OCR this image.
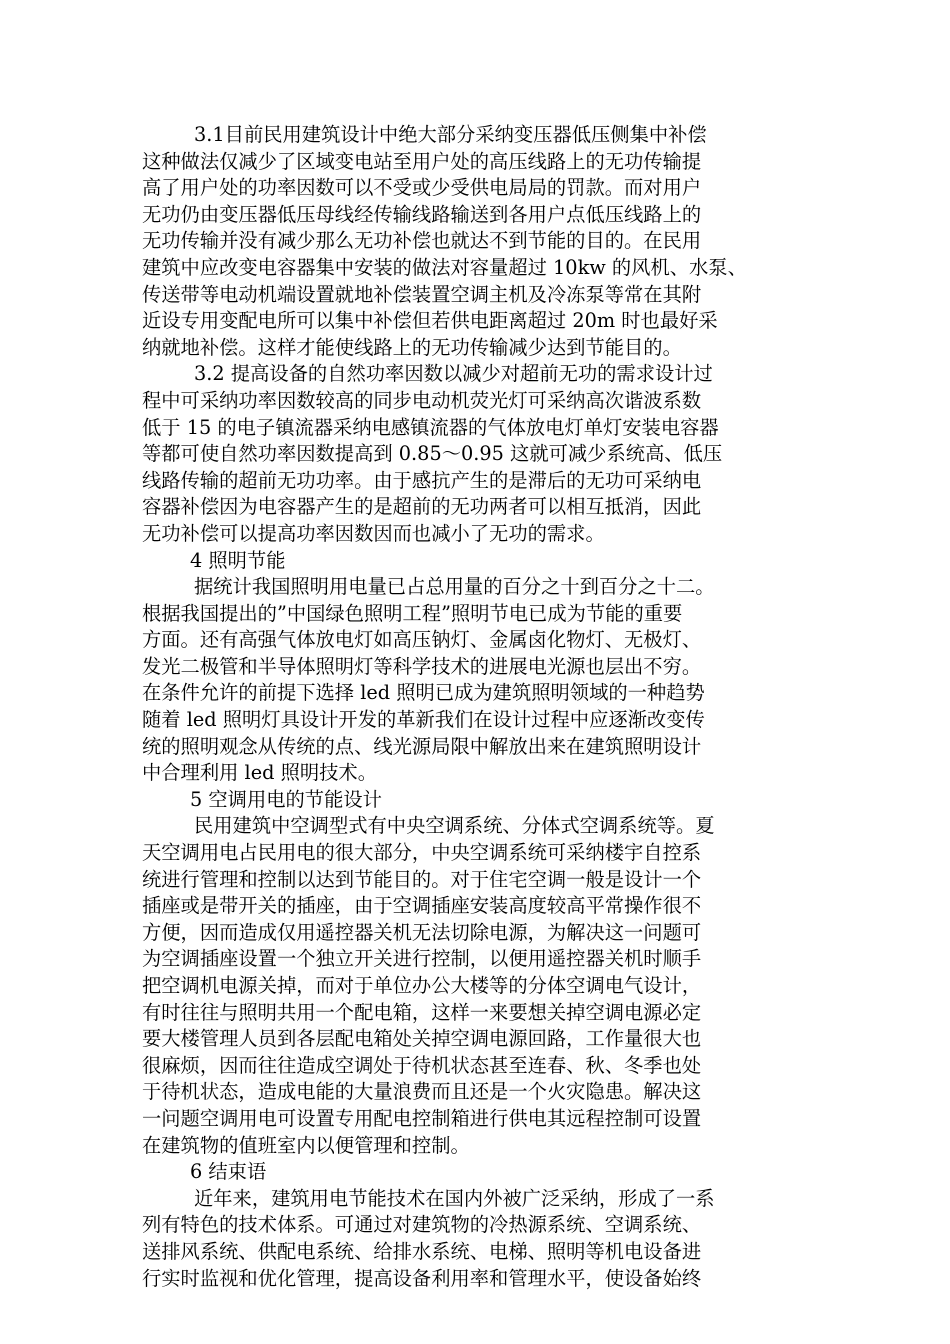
3.1目前民用建筑设计中绝大部分采纳变压器低压侧集中补偿
这种做法仅减少了区域变电站至用户处的高压线路上的无功传输提
高了用户处的功率因数可以不受或少受供电局局的罚款。而对用户
无功仍由变压器低压母线经传输线路输送到各用户点低压线路上的
无功传输并没有减少那么无功补偿也就达不到节能的目的。在民用
建筑中应改变电容器集中安装的做法对容量超过 10kw 的风机、水泵、
传送带等电动机端设置就地补偿装置空调主机及冷冻泵等常在其附
近设专用变配电所可以集中补偿但若供电距离超过 20m 时也最好采
纳就地补偿。这样才能使线路上的无功传输减少达到节能目的。
3.2 提高设备的自然功率因数以减少对超前无功的需求设计过
程中可采纳功率因数较高的同步电动机荧光灯可采纳高次谐波系数
低于 15 的电子镇流器采纳电感镇流器的气体放电灯单灯安装电容器
等都可使自然功率因数提高到 0.85～0.95 这就可减少系统高、低压
线路传输的超前无功功率。由于感抗产生的是滞后的无功可采纳电
容器补偿因为电容器产生的是超前的无功两者可以相互抵消，因此
无功补偿可以提高功率因数因而也减小了无功的需求。
4 照明节能
据统计我国照明用电量已占总用量的百分之十到百分之十二。
根据我国提出的”中国绿色照明工程”照明节电已成为节能的重要
方面。还有高强气体放电灯如高压钠灯、金属卤化物灯、无极灯、
发光二极管和半导体照明灯等科学技术的进展电光源也层出不穷。
在条件允许的前提下选择 led 照明已成为建筑照明领域的一种趋势
随着 led 照明灯具设计开发的革新我们在设计过程中应逐渐改变传
统的照明观念从传统的点、线光源局限中解放出来在建筑照明设计
中合理利用 led 照明技术。
5 空调用电的节能设计
民用建筑中空调型式有中央空调系统、分体式空调系统等。夏
天空调用电占民用电的很大部分，中央空调系统可采纳楼宇自控系
统进行管理和控制以达到节能目的。对于住宅空调一般是设计一个
插座或是带开关的插座，由于空调插座安装高度较高平常操作很不
方便，因而造成仅用遥控器关机无法切除电源，为解决这一问题可
为空调插座设置一个独立开关进行控制，以便用遥控器关机时顺手
把空调机电源关掉，而对于单位办公大楼等的分体空调电气设计，
有时往往与照明共用一个配电箱，这样一来要想关掉空调电源必定
要大楼管理人员到各层配电箱处关掉空调电源回路，工作量很大也
很麻烦，因而往往造成空调处于待机状态甚至连春、秋、冬季也处
于待机状态，造成电能的大量浪费而且还是一个火灾隐患。解决这
一问题空调用电可设置专用配电控制箱进行供电其远程控制可设置
在建筑物的值班室内以便管理和控制。
6 结束语
近年来，建筑用电节能技术在国内外被广泛采纳，形成了一系
列有特色的技术体系。可通过对建筑物的冷热源系统、空调系统、
送排风系统、供配电系统、给排水系统、电梯、照明等机电设备进
行实时监视和优化管理，提高设备利用率和管理水平，使设备始终
